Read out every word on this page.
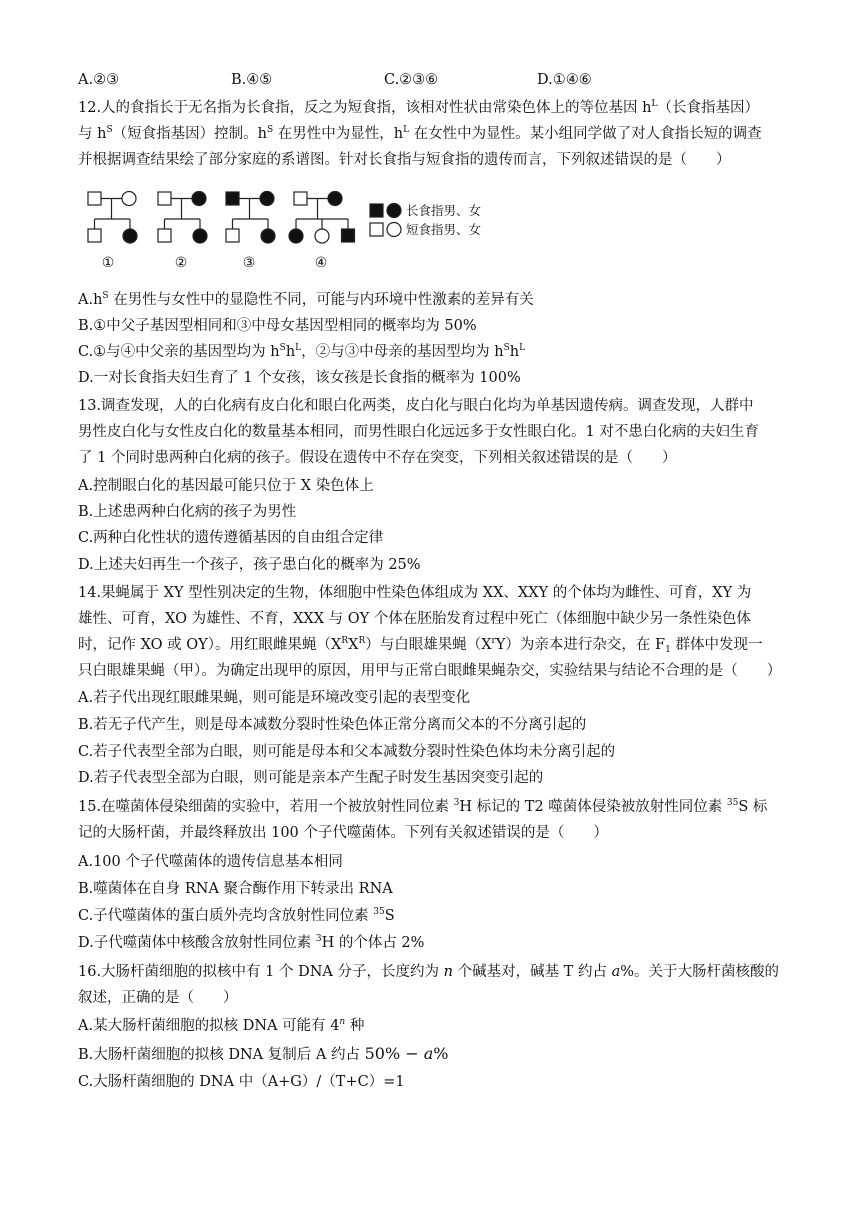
A.②③	B.④⑤	C.②③⑥	D.①④⑥
12.人的食指长于无名指为长食指，反之为短食指，该相对性状由常染色体上的等位基因 $h^L$（长食指基因）
与 $h^S$（短食指基因）控制。$h^S$ 在男性中为显性，$h^L$ 在女性中为显性。某小组同学做了对人食指长短的调查
并根据调查结果绘了部分家庭的系谱图。针对长食指与短食指的遗传而言，下列叙述错误的是（　　）
长食指男、女
短食指男、女
①	②	③	④
$A.h^S$ 在男性与女性中的显隐性不同，可能与内环境中性激素的差异有关
B.①中父子基因型相同和③中母女基因型相同的概率均为 50%
C.①与④中父亲的基因型均为 $h^Sh^L$，②与③中母亲的基因型均为 $h^Sh^L$
D.一对长食指夫妇生育了 1 个女孩，该女孩是长食指的概率为 100%
13.调查发现，人的白化病有皮白化和眼白化两类，皮白化与眼白化均为单基因遗传病。调查发现，人群中
男性皮白化与女性皮白化的数量基本相同，而男性眼白化远远多于女性眼白化。1 对不患白化病的夫妇生育
了 1 个同时患两种白化病的孩子。假设在遗传中不存在突变，下列相关叙述错误的是（　　）
A.控制眼白化的基因最可能只位于 X 染色体上
B.上述患两种白化病的孩子为男性
C.两种白化性状的遗传遵循基因的自由组合定律
D.上述夫妇再生一个孩子，孩子患白化的概率为 25%
14.果蝇属于 XY 型性别决定的生物，体细胞中性染色体组成为 XX、XXY 的个体均为雌性、可育，XY 为
雄性、可育，XO 为雄性、不育，XXX 与 OY 个体在胚胎发育过程中死亡（体细胞中缺少另一条性染色体
时，记作 XO 或 OY）。用红眼雌果蝇$(X^RX^R)$与白眼雄果蝇$(X^rY)$为亲本进行杂交，在 $F_1$ 群体中发现一
只白眼雄果蝇（甲）。为确定出现甲的原因，用甲与正常白眼雌果蝇杂交，实验结果与结论不合理的是（　　）
A.若子代出现红眼雌果蝇，则可能是环境改变引起的表型变化
B.若无子代产生，则是母本减数分裂时性染色体正常分离而父本的不分离引起的
C.若子代表型全部为白眼，则可能是母本和父本减数分裂时性染色体均未分离引起的
D.若子代表型全部为白眼，则可能是亲本产生配子时发生基因突变引起的
15.在噬菌体侵染细菌的实验中，若用一个被放射性同位素 $^3$H 标记的 T2 噬菌体侵染被放射性同位素 $^{35}$S 标
记的大肠杆菌，并最终释放出 100 个子代噬菌体。下列有关叙述错误的是（　　）
A.100 个子代噬菌体的遗传信息基本相同
B.噬菌体在自身 RNA 聚合酶作用下转录出 RNA
C.子代噬菌体的蛋白质外壳均含放射性同位素 $^{35}$S
D.子代噬菌体中核酸含放射性同位素 $^3$H 的个体占 2%
16.大肠杆菌细胞的拟核中有 1 个 DNA 分子，长度约为 n 个碱基对，碱基 T 约占 a%。关于大肠杆菌核酸的
叙述，正确的是（　　）
A.某大肠杆菌细胞的拟核 DNA 可能有 4$^n$ 种
B.大肠杆菌细胞的拟核 DNA 复制后 A 约占 50% − a%
C.大肠杆菌细胞的 DNA 中（A+G）/（T+C）=1
